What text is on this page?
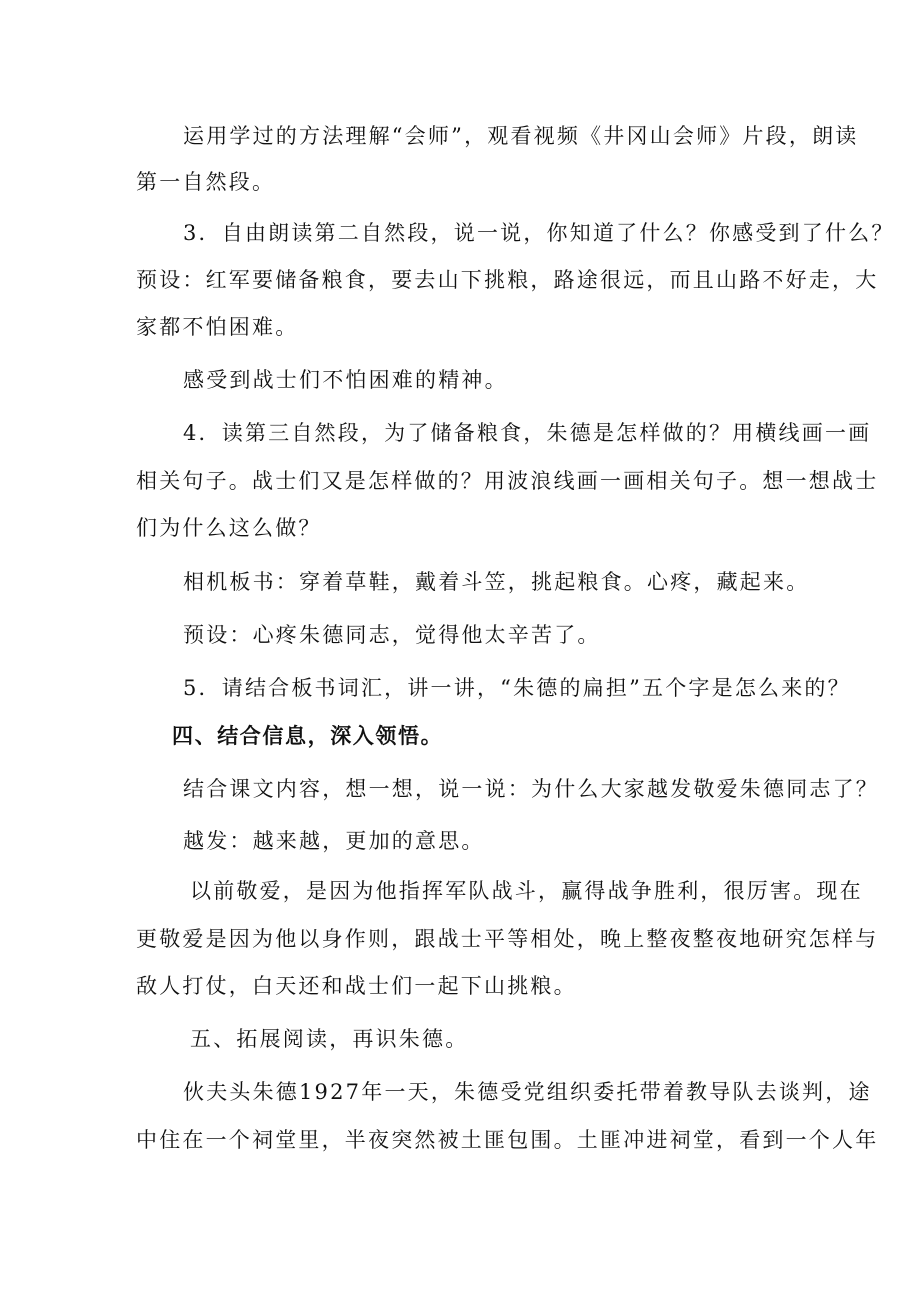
运用学过的方法理解“会师”，观看视频《井冈山会师》片段，朗读
第一自然段。
3．自由朗读第二自然段，说一说，你知道了什么？你感受到了什么？
预设：红军要储备粮食，要去山下挑粮，路途很远，而且山路不好走，大
家都不怕困难。
感受到战士们不怕困难的精神。
4．读第三自然段，为了储备粮食，朱德是怎样做的？用横线画一画
相关句子。战士们又是怎样做的？用波浪线画一画相关句子。想一想战士
们为什么这么做？
相机板书：穿着草鞋，戴着斗笠，挑起粮食。心疼，藏起来。
预设：心疼朱德同志，觉得他太辛苦了。
5．请结合板书词汇，讲一讲，“朱德的扁担”五个字是怎么来的？
四、结合信息，深入领悟。
结合课文内容，想一想，说一说：为什么大家越发敬爱朱德同志了？
越发：越来越，更加的意思。
以前敬爱，是因为他指挥军队战斗，赢得战争胜利，很厉害。现在
更敬爱是因为他以身作则，跟战士平等相处，晚上整夜整夜地研究怎样与
敌人打仗，白天还和战士们一起下山挑粮。
五、拓展阅读，再识朱德。
伙夫头朱德1927年一天，朱德受党组织委托带着教导队去谈判，途
中住在一个祠堂里，半夜突然被土匪包围。土匪冲进祠堂，看到一个人年
